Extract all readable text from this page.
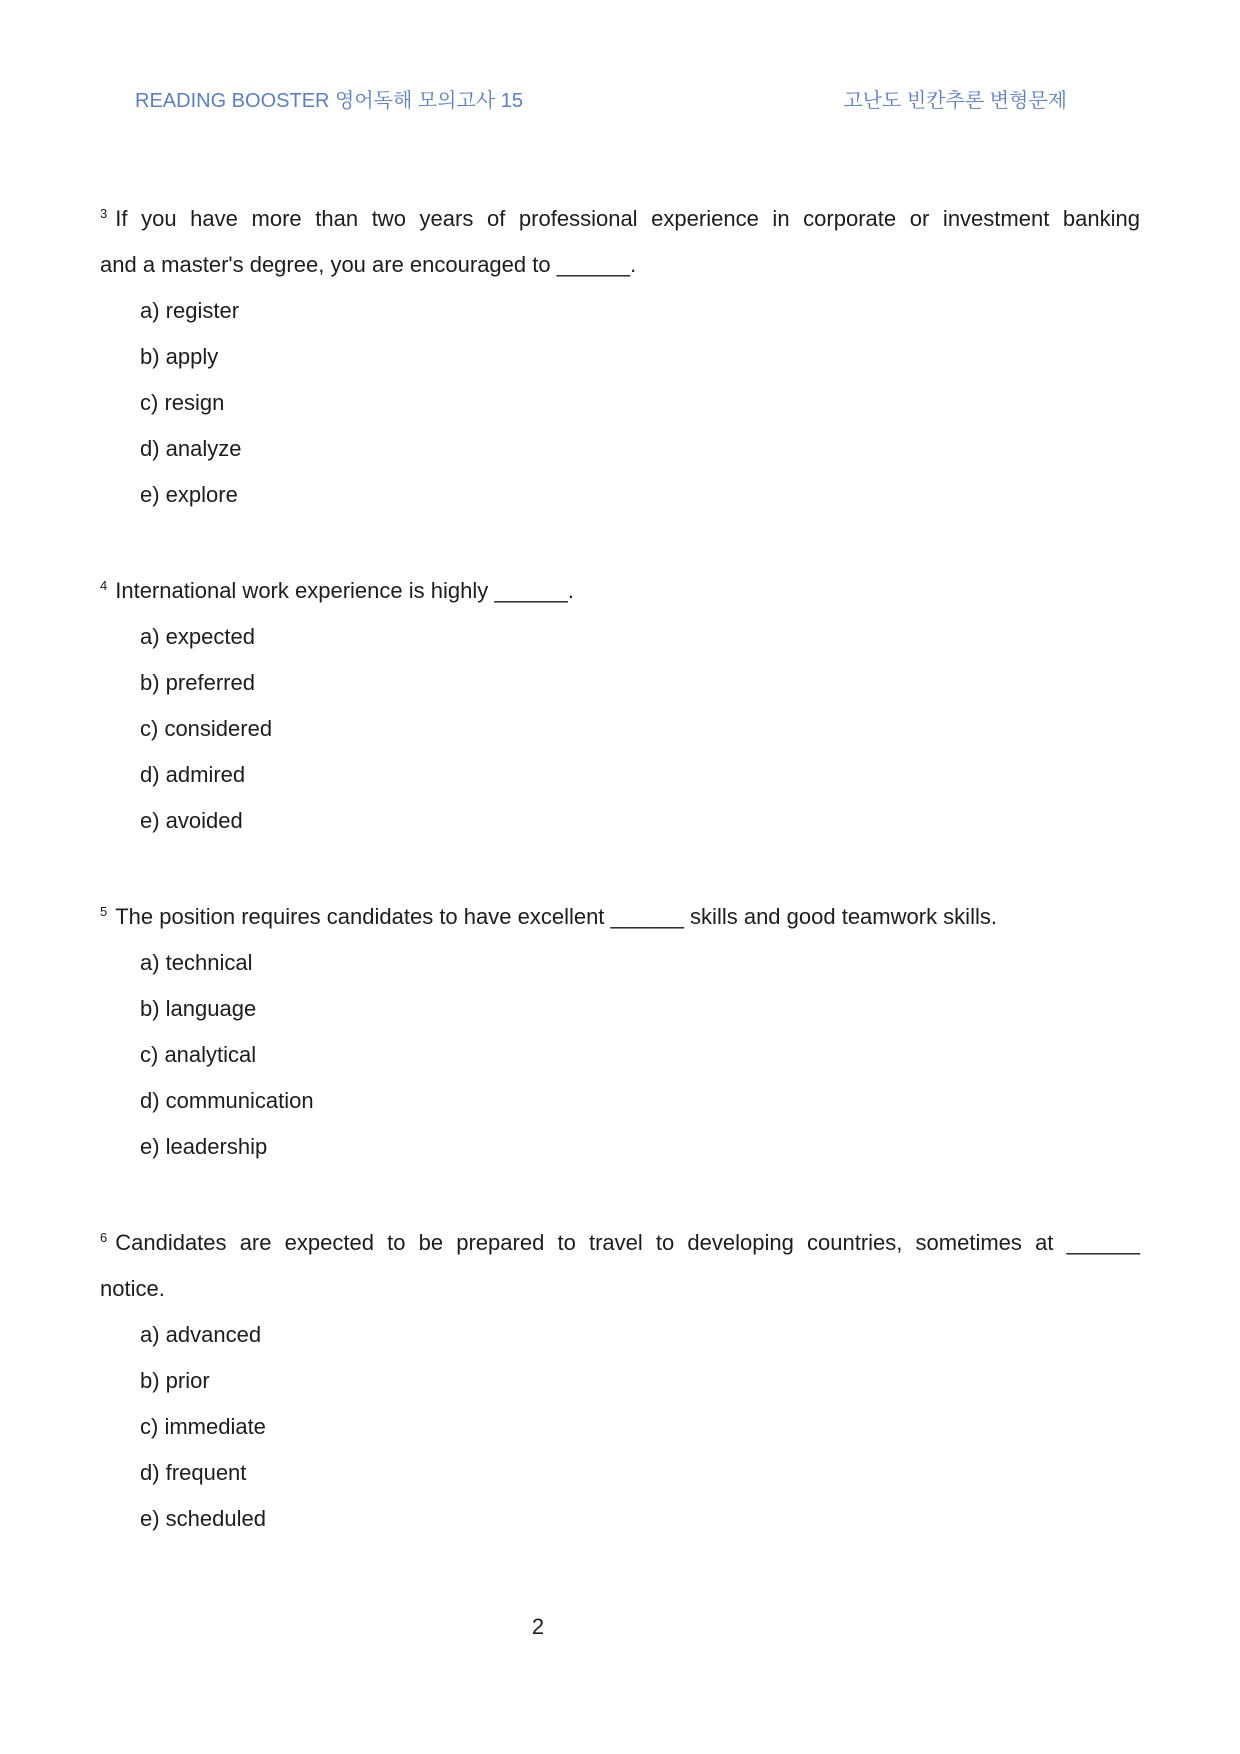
READING BOOSTER 영어독해 모의고사 15	고난도 빈칸추론 변형문제

$^3$ If you have more than two years of professional experience in corporate or investment banking

and a master's degree, you are encouraged to ______.

a) register
b) apply
c) resign
d) analyze
e) explore

$^4$ International work experience is highly ______.

a) expected
b) preferred
c) considered
d) admired
e) avoided

$^5$ The position requires candidates to have excellent ______ skills and good teamwork skills.

a) technical
b) language
c) analytical
d) communication
e) leadership

$^6$ Candidates are expected to be prepared to travel to developing countries, sometimes at ______

notice.

a) advanced
b) prior
c) immediate
d) frequent
e) scheduled
2
